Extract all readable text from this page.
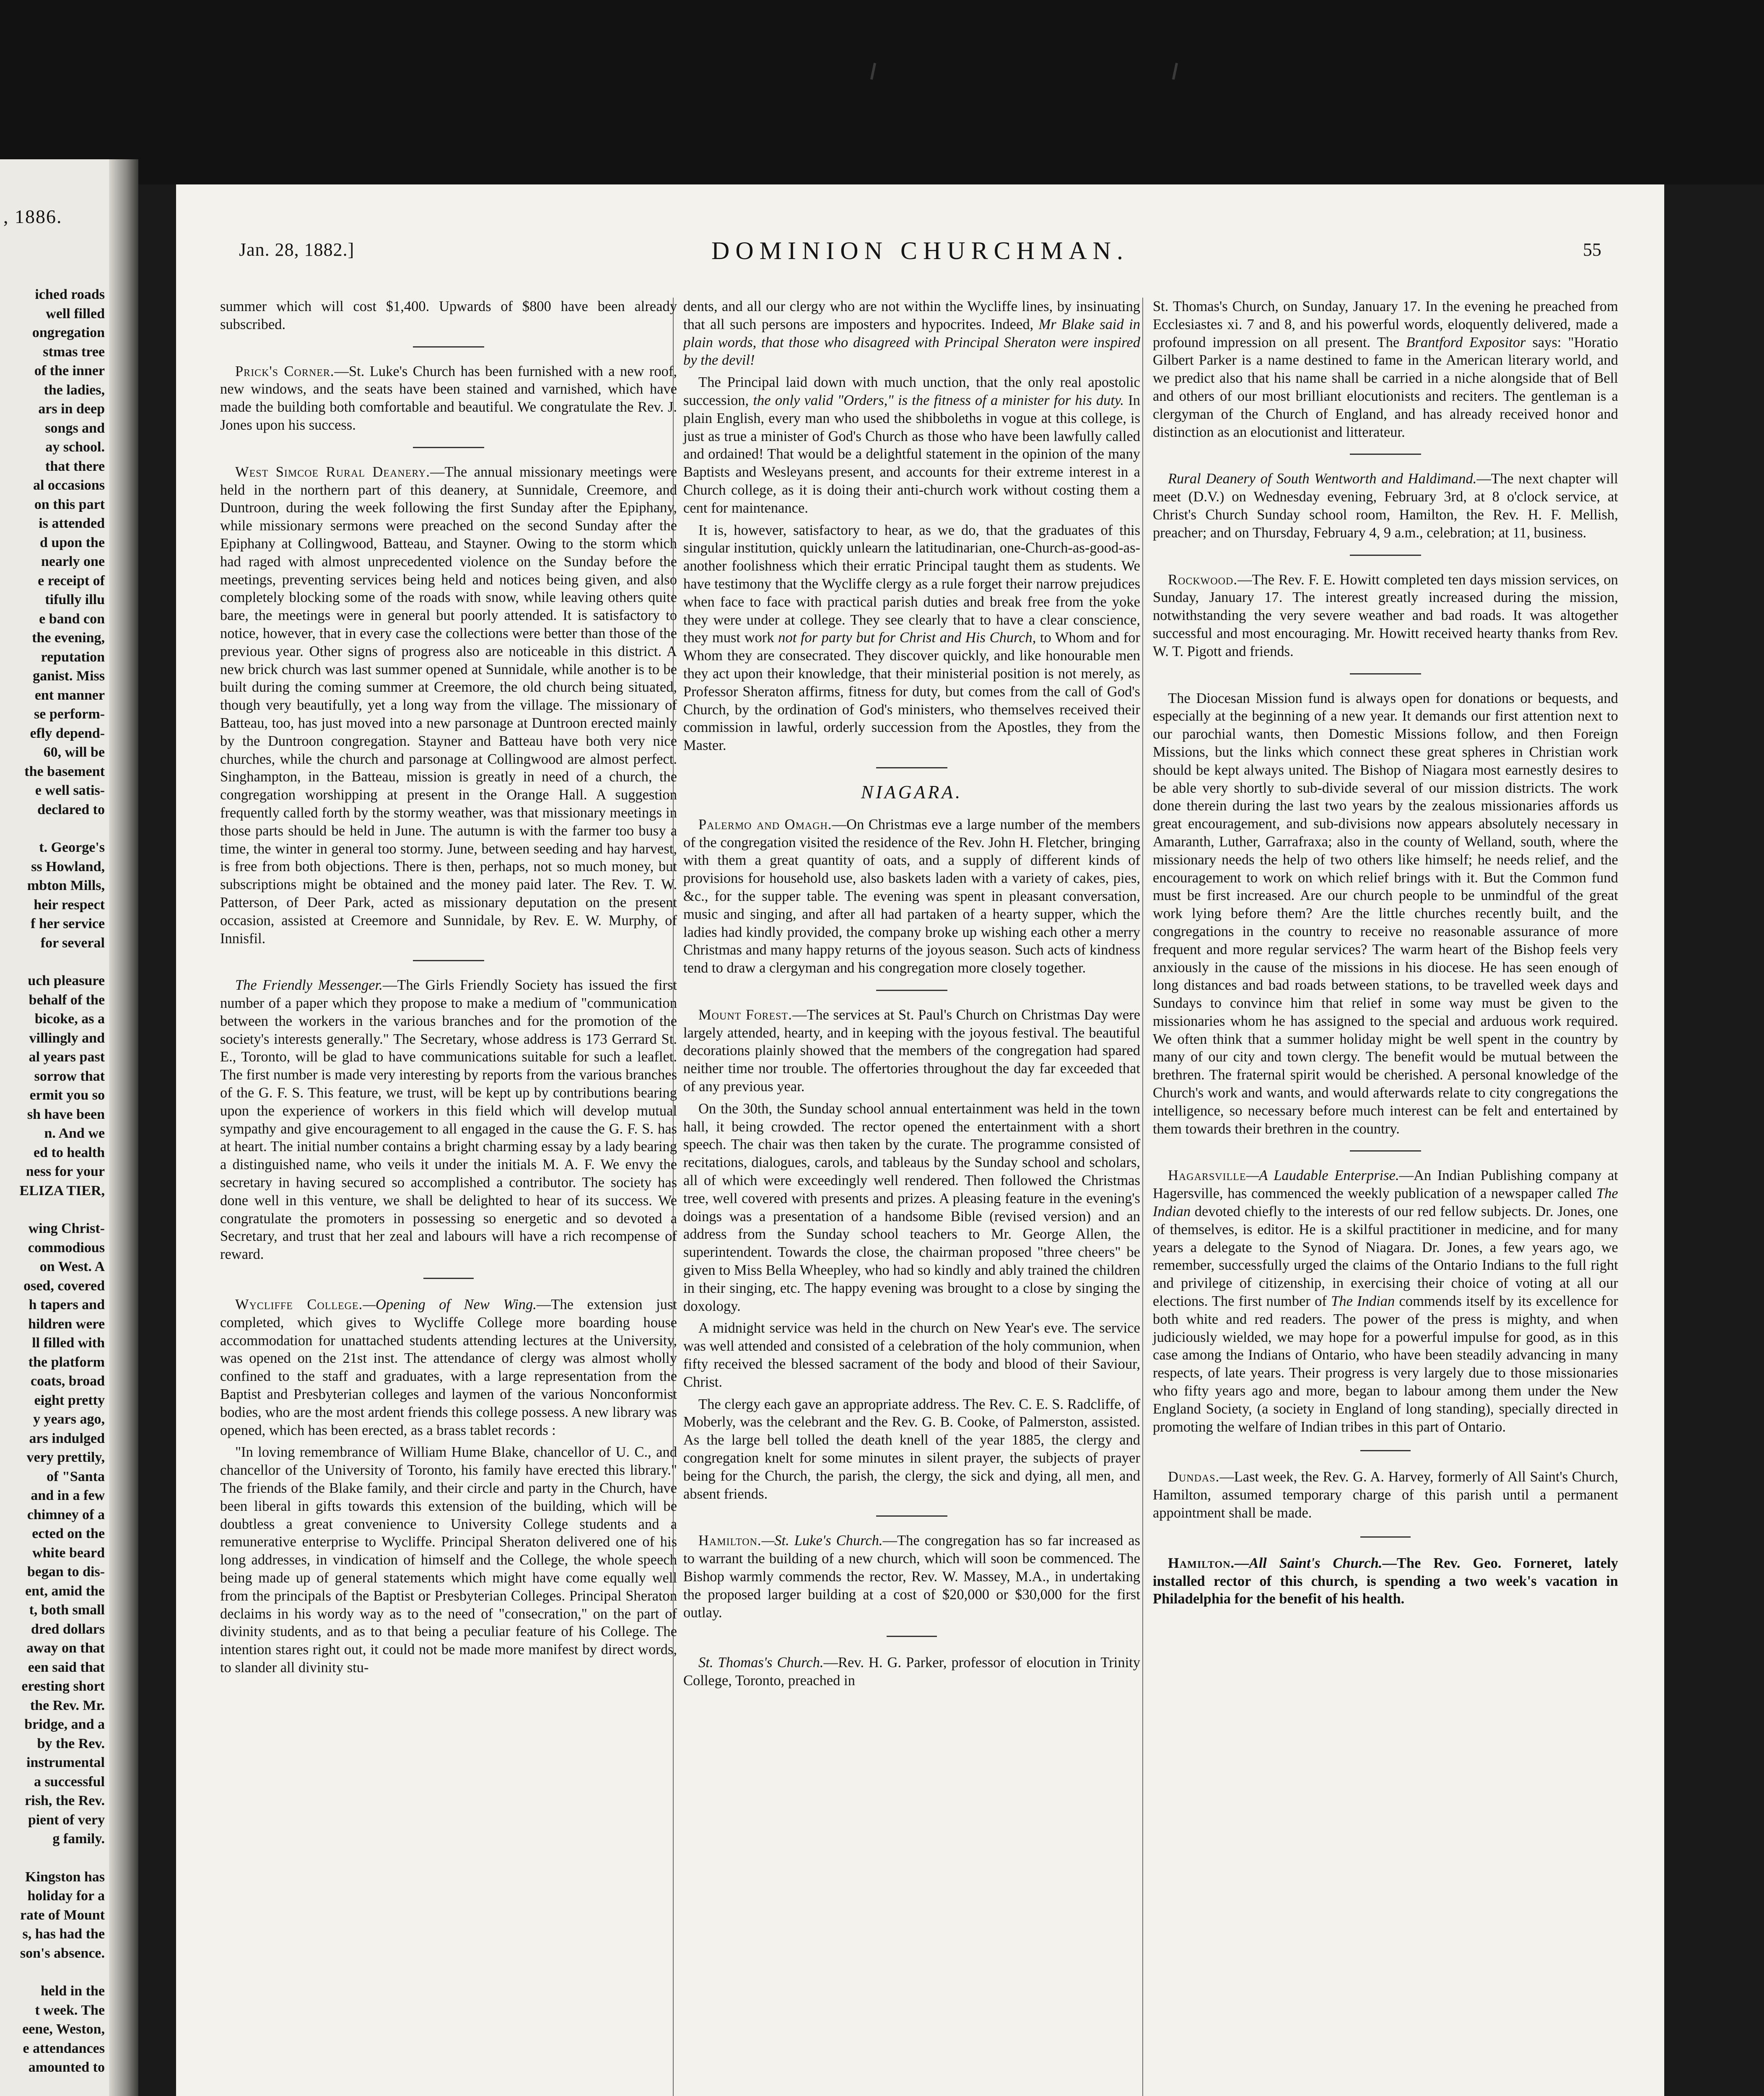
, 1886.
iched roads
well filled
ongregation
stmas tree
of the inner
the ladies,
ars in deep
songs and
ay school.
that there
al occasions
on this part
is attended
d upon the
nearly one
e receipt of
tifully illu
e band con
the evening,
reputation
ganist. Miss
ent manner
se perform-
efly depend-
60, will be
the basement
e well satis-
declared to
t. George's
ss Howland,
mbton Mills,
heir respect
f her service
for several
uch pleasure
behalf of the
bicoke, as a
villingly and
al years past
sorrow that
ermit you so
sh have been
n. And we
ed to health
ness for your
ELIZA TIER,
wing Christ-
commodious
on West. A
osed, covered
h tapers and
hildren were
ll filled with
the platform
coats, broad
eight pretty
y years ago,
ars indulged
very prettily,
of "Santa
and in a few
chimney of a
ected on the
white beard
began to dis-
ent, amid the
t, both small
dred dollars
away on that
een said that
eresting short
the Rev. Mr.
bridge, and a
by the Rev.
instrumental
a successful
rish, the Rev.
pient of very
g family.
Kingston has
holiday for a
rate of Mount
s, has had the
son's absence.
held in the
t week. The
eene, Weston,
e attendances
amounted to
Jan. 28, 1882.]	DOMINION CHURCHMAN.	55

summer which will cost $1,400. Upwards of $800 have been already subscribed.

Prick's Corner.—St. Luke's Church has been furnished with a new roof, new windows, and the seats have been stained and varnished, which have made the building both comfortable and beautiful. We congratulate the Rev. J. Jones upon his success.

West Simcoe Rural Deanery.—The annual missionary meetings were held in the northern part of this deanery, at Sunnidale, Creemore, and Duntroon, during the week following the first Sunday after the Epiphany, while missionary sermons were preached on the second Sunday after the Epiphany at Collingwood, Batteau, and Stayner. Owing to the storm which had raged with almost unprecedented violence on the Sunday before the meetings, preventing services being held and notices being given, and also completely blocking some of the roads with snow, while leaving others quite bare, the meetings were in general but poorly attended. It is satisfactory to notice, however, that in every case the collections were better than those of the previous year. Other signs of progress also are noticeable in this district. A new brick church was last summer opened at Sunnidale, while another is to be built during the coming summer at Creemore, the old church being situated, though very beautifully, yet a long way from the village. The missionary of Batteau, too, has just moved into a new parsonage at Duntroon erected mainly by the Duntroon congregation. Stayner and Batteau have both very nice churches, while the church and parsonage at Collingwood are almost perfect. Singhampton, in the Batteau, mission is greatly in need of a church, the congregation worshipping at present in the Orange Hall. A suggestion frequently called forth by the stormy weather, was that missionary meetings in those parts should be held in June. The autumn is with the farmer too busy a time, the winter in general too stormy. June, between seeding and hay harvest, is free from both objections. There is then, perhaps, not so much money, but subscriptions might be obtained and the money paid later. The Rev. T. W. Patterson, of Deer Park, acted as missionary deputation on the present occasion, assisted at Creemore and Sunnidale, by Rev. E. W. Murphy, of Innisfil.

The Friendly Messenger.—The Girls Friendly Society has issued the first number of a paper which they propose to make a medium of "communication between the workers in the various branches and for the promotion of the society's interests generally." The Secretary, whose address is 173 Gerrard St. E., Toronto, will be glad to have communications suitable for such a leaflet. The first number is made very interesting by reports from the various branches of the G. F. S. This feature, we trust, will be kept up by contributions bearing upon the experience of workers in this field which will develop mutual sympathy and give encouragement to all engaged in the cause the G. F. S. has at heart. The initial number contains a bright charming essay by a lady bearing a distinguished name, who veils it under the initials M. A. F. We envy the secretary in having secured so accomplished a contributor. The society has done well in this venture, we shall be delighted to hear of its success. We congratulate the promoters in possessing so energetic and so devoted a Secretary, and trust that her zeal and labours will have a rich recompense of reward.

Wycliffe College.—Opening of New Wing.—The extension just completed, which gives to Wycliffe College more boarding house accommodation for unattached students attending lectures at the University, was opened on the 21st inst. The attendance of clergy was almost wholly confined to the staff and graduates, with a large representation from the Baptist and Presbyterian colleges and laymen of the various Nonconformist bodies, who are the most ardent friends this college possess. A new library was opened, which has been erected, as a brass tablet records :

"In loving remembrance of William Hume Blake, chancellor of U. C., and chancellor of the University of Toronto, his family have erected this library." The friends of the Blake family, and their circle and party in the Church, have been liberal in gifts towards this extension of the building, which will be doubtless a great convenience to University College students and a remunerative enterprise to Wycliffe. Principal Sheraton delivered one of his long addresses, in vindication of himself and the College, the whole speech being made up of general statements which might have come equally well from the principals of the Baptist or Presbyterian Colleges. Principal Sheraton declaims in his wordy way as to the need of "consecration," on the part of divinity students, and as to that being a peculiar feature of his College. The intention stares right out, it could not be made more manifest by direct words, to slander all divinity stu-

dents, and all our clergy who are not within the Wycliffe lines, by insinuating that all such persons are imposters and hypocrites. Indeed, Mr Blake said in plain words, that those who disagreed with Principal Sheraton were inspired by the devil!

The Principal laid down with much unction, that the only real apostolic succession, the only valid "Orders," is the fitness of a minister for his duty. In plain English, every man who used the shibboleths in vogue at this college, is just as true a minister of God's Church as those who have been lawfully called and ordained! That would be a delightful statement in the opinion of the many Baptists and Wesleyans present, and accounts for their extreme interest in a Church college, as it is doing their anti-church work without costing them a cent for maintenance.

It is, however, satisfactory to hear, as we do, that the graduates of this singular institution, quickly unlearn the latitudinarian, one-Church-as-good-as-another foolishness which their erratic Principal taught them as students. We have testimony that the Wycliffe clergy as a rule forget their narrow prejudices when face to face with practical parish duties and break free from the yoke they were under at college. They see clearly that to have a clear conscience, they must work not for party but for Christ and His Church, to Whom and for Whom they are consecrated. They discover quickly, and like honourable men they act upon their knowledge, that their ministerial position is not merely, as Professor Sheraton affirms, fitness for duty, but comes from the call of God's Church, by the ordination of God's ministers, who themselves received their commission in lawful, orderly succession from the Apostles, they from the Master.

NIAGARA.

Palermo and Omagh.—On Christmas eve a large number of the members of the congregation visited the residence of the Rev. John H. Fletcher, bringing with them a great quantity of oats, and a supply of different kinds of provisions for household use, also baskets laden with a variety of cakes, pies, &c., for the supper table. The evening was spent in pleasant conversation, music and singing, and after all had partaken of a hearty supper, which the ladies had kindly provided, the company broke up wishing each other a merry Christmas and many happy returns of the joyous season. Such acts of kindness tend to draw a clergyman and his congregation more closely together.

Mount Forest.—The services at St. Paul's Church on Christmas Day were largely attended, hearty, and in keeping with the joyous festival. The beautiful decorations plainly showed that the members of the congregation had spared neither time nor trouble. The offertories throughout the day far exceeded that of any previous year.

On the 30th, the Sunday school annual entertainment was held in the town hall, it being crowded. The rector opened the entertainment with a short speech. The chair was then taken by the curate. The programme consisted of recitations, dialogues, carols, and tableaus by the Sunday school and scholars, all of which were exceedingly well rendered. Then followed the Christmas tree, well covered with presents and prizes. A pleasing feature in the evening's doings was a presentation of a handsome Bible (revised version) and an address from the Sunday school teachers to Mr. George Allen, the superintendent. Towards the close, the chairman proposed "three cheers" be given to Miss Bella Wheepley, who had so kindly and ably trained the children in their singing, etc. The happy evening was brought to a close by singing the doxology.

A midnight service was held in the church on New Year's eve. The service was well attended and consisted of a celebration of the holy communion, when fifty received the blessed sacrament of the body and blood of their Saviour, Christ.

The clergy each gave an appropriate address. The Rev. C. E. S. Radcliffe, of Moberly, was the celebrant and the Rev. G. B. Cooke, of Palmerston, assisted. As the large bell tolled the death knell of the year 1885, the clergy and congregation knelt for some minutes in silent prayer, the subjects of prayer being for the Church, the parish, the clergy, the sick and dying, all men, and absent friends.

Hamilton.—St. Luke's Church.—The congregation has so far increased as to warrant the building of a new church, which will soon be commenced. The Bishop warmly commends the rector, Rev. W. Massey, M.A., in undertaking the proposed larger building at a cost of $20,000 or $30,000 for the first outlay.

St. Thomas's Church.—Rev. H. G. Parker, professor of elocution in Trinity College, Toronto, preached in

St. Thomas's Church, on Sunday, January 17. In the evening he preached from Ecclesiastes xi. 7 and 8, and his powerful words, eloquently delivered, made a profound impression on all present. The Brantford Expositor says: "Horatio Gilbert Parker is a name destined to fame in the American literary world, and we predict also that his name shall be carried in a niche alongside that of Bell and others of our most brilliant elocutionists and reciters. The gentleman is a clergyman of the Church of England, and has already received honor and distinction as an elocutionist and litterateur.

Rural Deanery of South Wentworth and Haldimand.—The next chapter will meet (D.V.) on Wednesday evening, February 3rd, at 8 o'clock service, at Christ's Church Sunday school room, Hamilton, the Rev. H. F. Mellish, preacher; and on Thursday, February 4, 9 a.m., celebration; at 11, business.

Rockwood.—The Rev. F. E. Howitt completed ten days mission services, on Sunday, January 17. The interest greatly increased during the mission, notwithstanding the very severe weather and bad roads. It was altogether successful and most encouraging. Mr. Howitt received hearty thanks from Rev. W. T. Pigott and friends.

The Diocesan Mission fund is always open for donations or bequests, and especially at the beginning of a new year. It demands our first attention next to our parochial wants, then Domestic Missions follow, and then Foreign Missions, but the links which connect these great spheres in Christian work should be kept always united. The Bishop of Niagara most earnestly desires to be able very shortly to sub-divide several of our mission districts. The work done therein during the last two years by the zealous missionaries affords us great encouragement, and sub-divisions now appears absolutely necessary in Amaranth, Luther, Garrafraxa; also in the county of Welland, south, where the missionary needs the help of two others like himself; he needs relief, and the encouragement to work on which relief brings with it. But the Common fund must be first increased. Are our church people to be unmindful of the great work lying before them? Are the little churches recently built, and the congregations in the country to receive no reasonable assurance of more frequent and more regular services? The warm heart of the Bishop feels very anxiously in the cause of the missions in his diocese. He has seen enough of long distances and bad roads between stations, to be travelled week days and Sundays to convince him that relief in some way must be given to the missionaries whom he has assigned to the special and arduous work required. We often think that a summer holiday might be well spent in the country by many of our city and town clergy. The benefit would be mutual between the brethren. The fraternal spirit would be cherished. A personal knowledge of the Church's work and wants, and would afterwards relate to city congregations the intelligence, so necessary before much interest can be felt and entertained by them towards their brethren in the country.

Hagarsville—A Laudable Enterprise.—An Indian Publishing company at Hagersville, has commenced the weekly publication of a newspaper called The Indian devoted chiefly to the interests of our red fellow subjects. Dr. Jones, one of themselves, is editor. He is a skilful practitioner in medicine, and for many years a delegate to the Synod of Niagara. Dr. Jones, a few years ago, we remember, successfully urged the claims of the Ontario Indians to the full right and privilege of citizenship, in exercising their choice of voting at all our elections. The first number of The Indian commends itself by its excellence for both white and red readers. The power of the press is mighty, and when judiciously wielded, we may hope for a powerful impulse for good, as in this case among the Indians of Ontario, who have been steadily advancing in many respects, of late years. Their progress is very largely due to those missionaries who fifty years ago and more, began to labour among them under the New England Society, (a society in England of long standing), specially directed in promoting the welfare of Indian tribes in this part of Ontario.

Dundas.—Last week, the Rev. G. A. Harvey, formerly of All Saint's Church, Hamilton, assumed temporary charge of this parish until a permanent appointment shall be made.

Hamilton.—All Saint's Church.—The Rev. Geo. Forneret, lately installed rector of this church, is spending a two week's vacation in Philadelphia for the benefit of his health.
